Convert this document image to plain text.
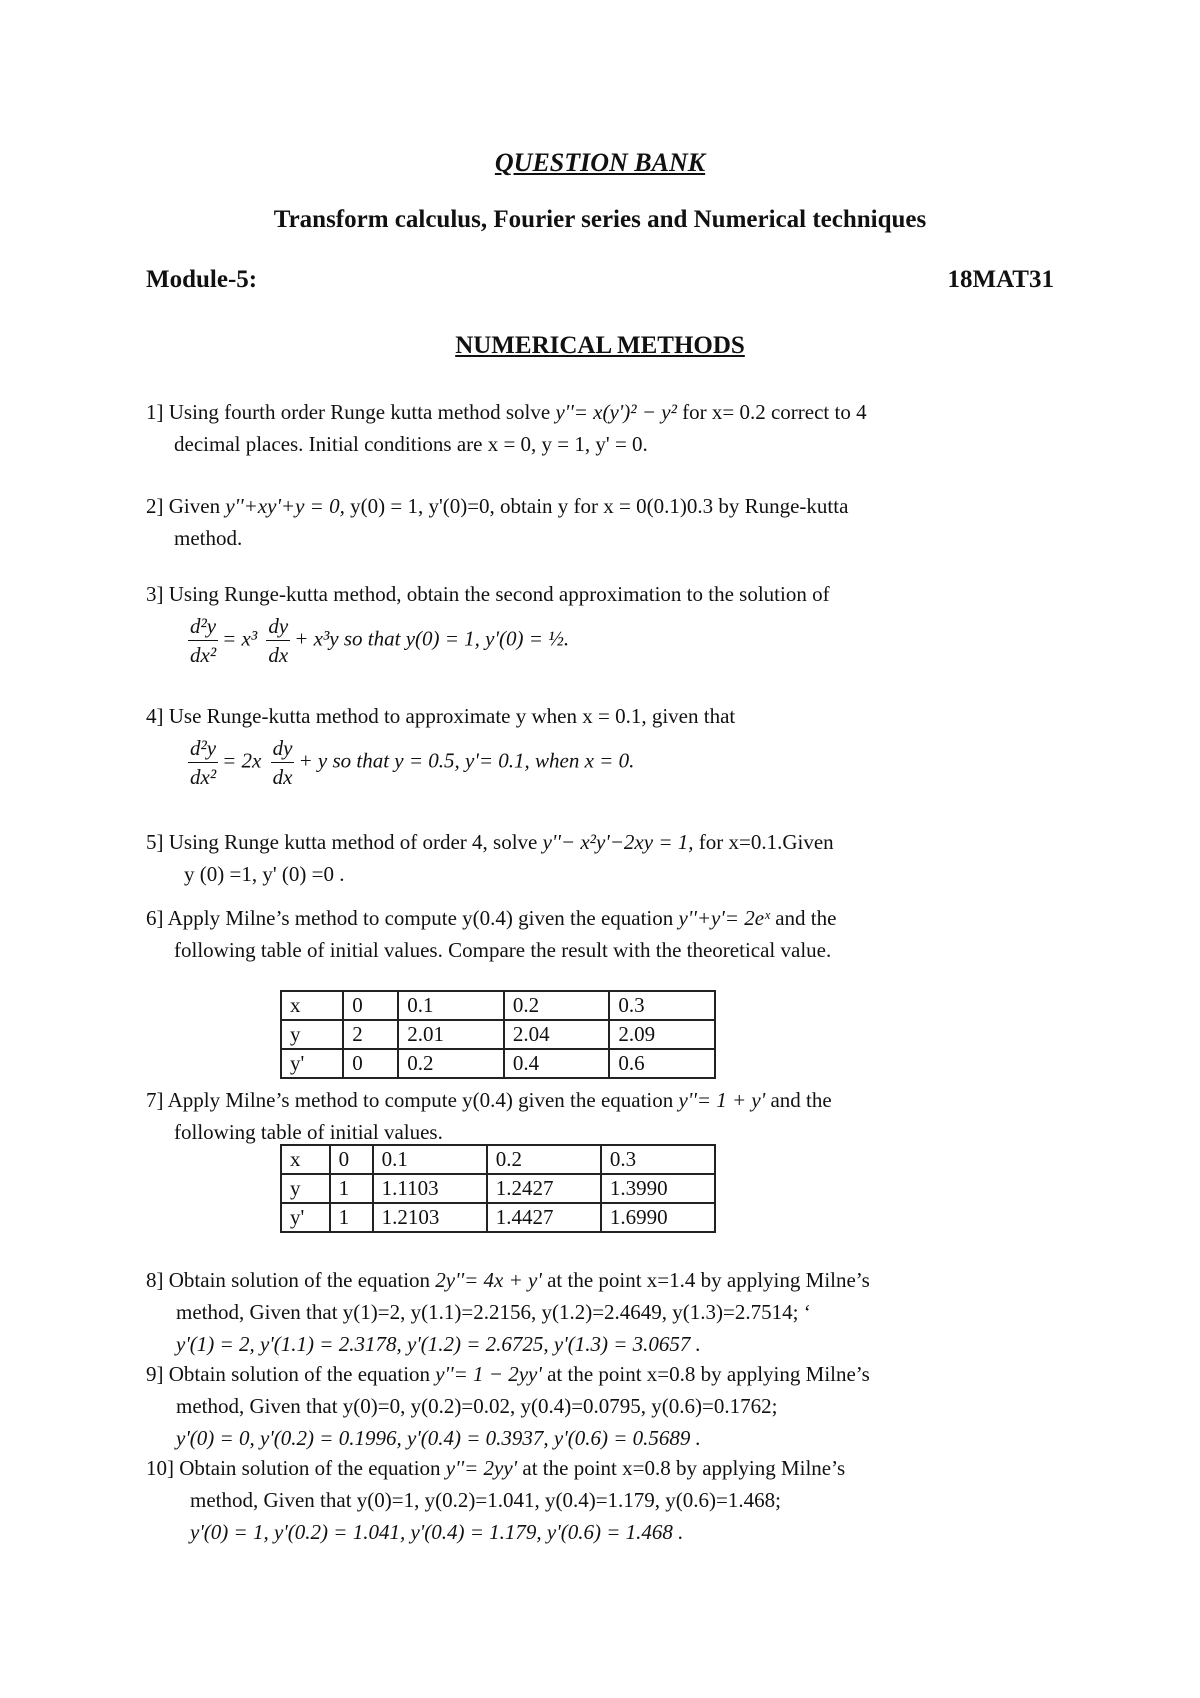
QUESTION BANK
Transform calculus, Fourier series and Numerical techniques
Module-5:	18MAT31
NUMERICAL METHODS
1] Using fourth order Runge kutta method solve y''= x(y')² − y² for x= 0.2 correct to 4
decimal places. Initial conditions are x = 0, y = 1, y' = 0.
2] Given y''+xy'+y = 0, y(0) = 1, y'(0)=0, obtain y for x = 0(0.1)0.3 by Runge-kutta
method.
3] Using Runge-kutta method, obtain the second approximation to the solution of
$\frac{\text{d²y}}{\text{dx²}} = x^3 \frac{dy}{dx} + x^3y$ so that y(0) = 1, y'(0) = ½.
4] Use Runge-kutta method to approximate y when x = 0.1, given that
$\frac{\text{d²y}}{\text{dx²}} = 2x \frac{dy}{dx} + y$ so that y = 0.5, y'= 0.1, when x = 0.
5] Using Runge kutta method of order 4, solve y''− x²y'−2xy = 1, for x=0.1.Given
y (0) =1, y' (0) =0 .
6] Apply Milne’s method to compute y(0.4) given the equation y''+y'= 2eˣ and the
following table of initial values. Compare the result with the theoretical value.
x	0	0.1	0.2	0.3
y	2	2.01	2.04	2.09
y'	0	0.2	0.4	0.6
7] Apply Milne’s method to compute y(0.4) given the equation y''= 1 + y' and the
following table of initial values.
x	0	0.1	0.2	0.3
y	1	1.1103	1.2427	1.3990
y'	1	1.2103	1.4427	1.6990
8] Obtain solution of the equation 2y''= 4x + y' at the point x=1.4 by applying Milne’s
method, Given that y(1)=2, y(1.1)=2.2156, y(1.2)=2.4649, y(1.3)=2.7514; ‘
y'(1) = 2, y'(1.1) = 2.3178, y'(1.2) = 2.6725, y'(1.3) = 3.0657 .
9] Obtain solution of the equation y''= 1 − 2yy' at the point x=0.8 by applying Milne’s
method, Given that y(0)=0, y(0.2)=0.02, y(0.4)=0.0795, y(0.6)=0.1762;
y'(0) = 0, y'(0.2) = 0.1996, y'(0.4) = 0.3937, y'(0.6) = 0.5689 .
10] Obtain solution of the equation y''= 2yy' at the point x=0.8 by applying Milne’s
method, Given that y(0)=1, y(0.2)=1.041, y(0.4)=1.179, y(0.6)=1.468;
y'(0) = 1, y'(0.2) = 1.041, y'(0.4) = 1.179, y'(0.6) = 1.468 .
